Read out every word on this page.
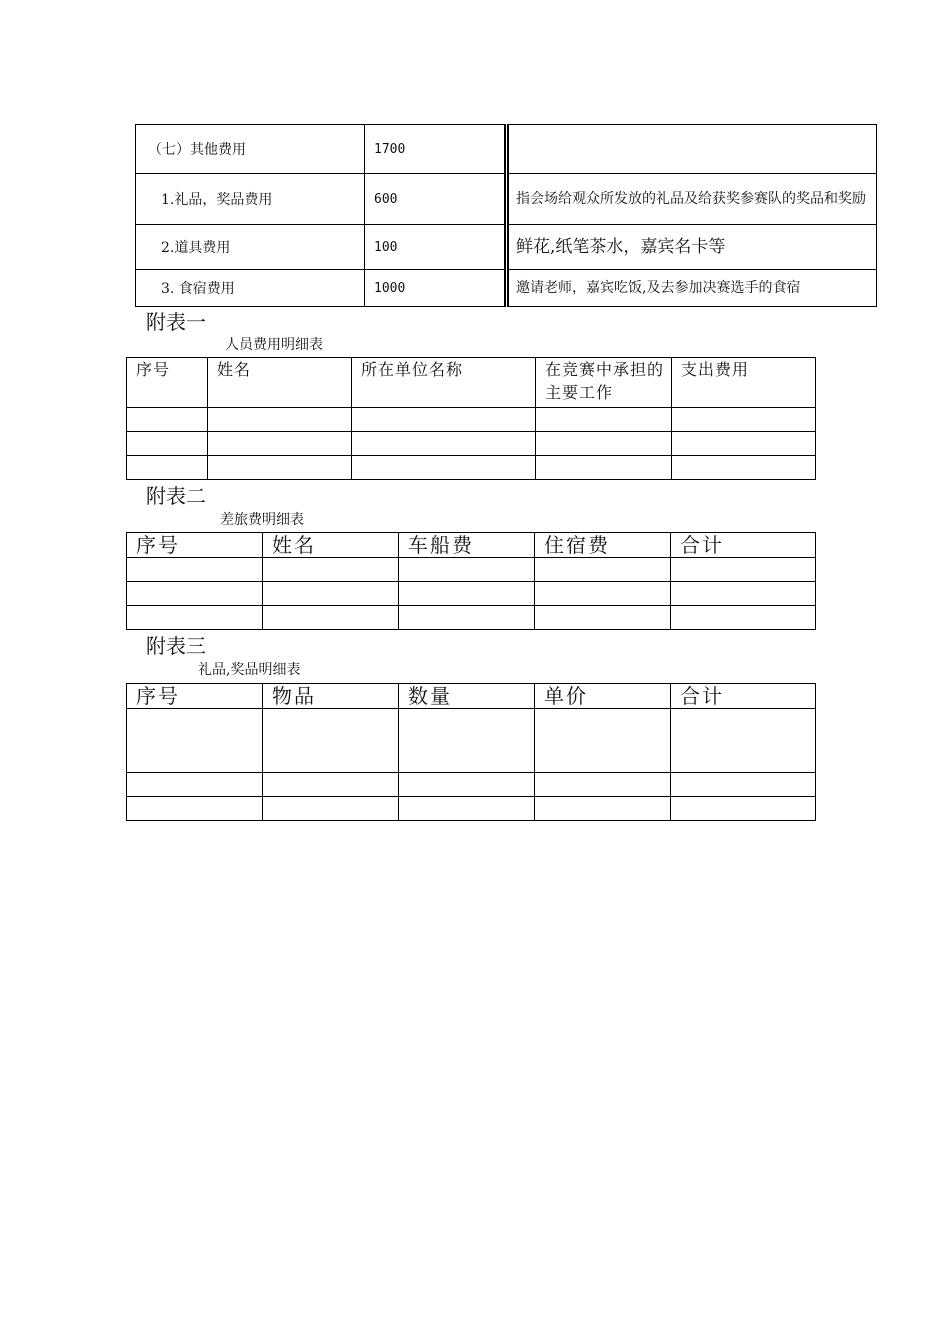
（七）其他费用	1700	
1.礼品，奖品费用	600	指会场给观众所发放的礼品及给获奖参赛队的奖品和奖励
2.道具费用	100	鲜花,纸笔茶水，嘉宾名卡等
3. 食宿费用	1000	邀请老师，嘉宾吃饭,及去参加决赛选手的食宿
附表一
人员费用明细表
序号	姓名	所在单位名称	在竞赛中承担的主要工作	支出费用

附表二
差旅费明细表
序号	姓名	车船费	住宿费	合计

附表三
礼品,奖品明细表
序号	物品	数量	单价	合计
